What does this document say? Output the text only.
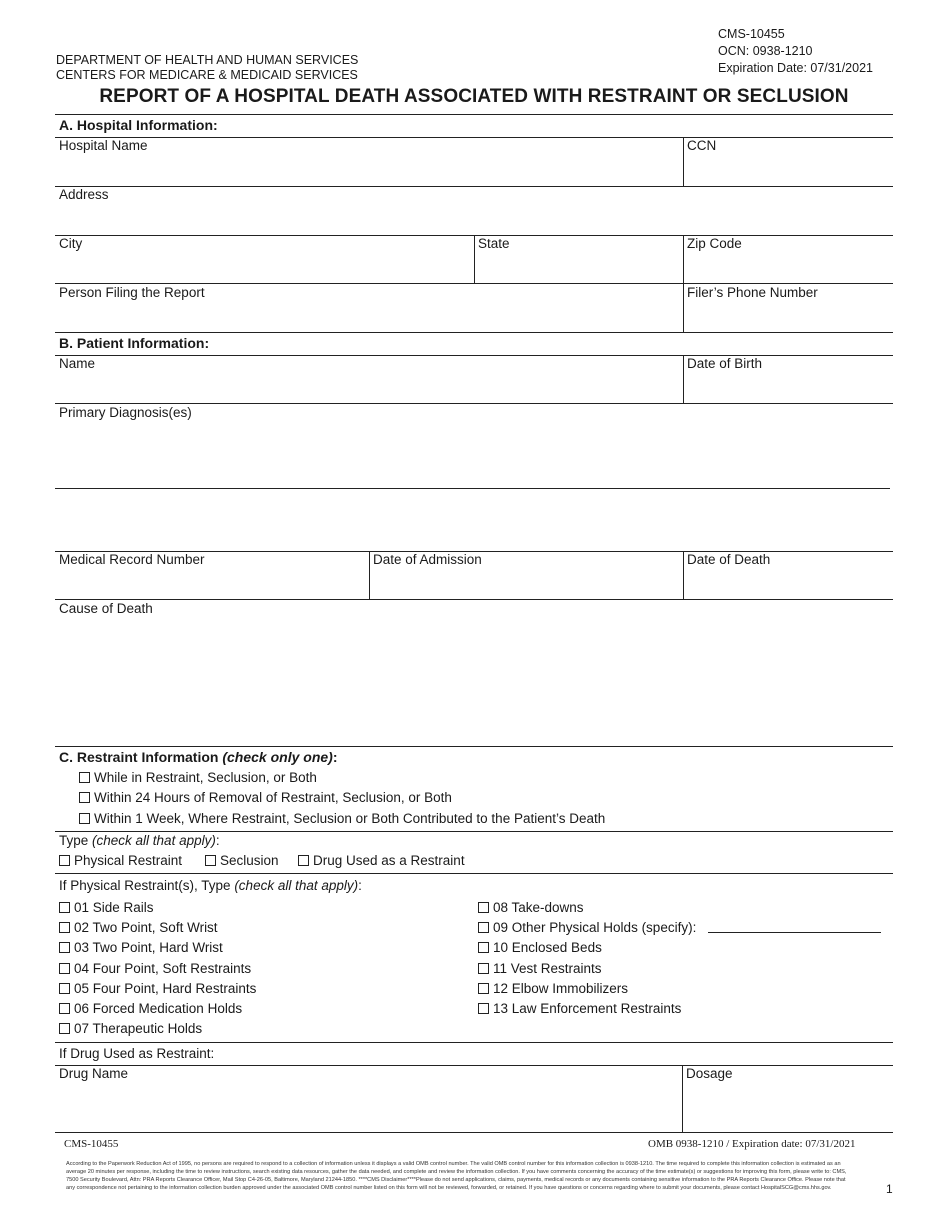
CMS-10455
OCN: 0938-1210
Expiration Date: 07/31/2021
DEPARTMENT OF HEALTH AND HUMAN SERVICES
CENTERS FOR MEDICARE & MEDICAID SERVICES
REPORT OF A HOSPITAL DEATH ASSOCIATED WITH RESTRAINT OR SECLUSION
A. Hospital Information:
Hospital Name	CCN
Address
City	State	Zip Code
Person Filing the Report	Filer’s Phone Number
B. Patient Information:
Name	Date of Birth
Primary Diagnosis(es)
Medical Record Number	Date of Admission	Date of Death
Cause of Death
C. Restraint Information (check only one):
While in Restraint, Seclusion, or Both
Within 24 Hours of Removal of Restraint, Seclusion, or Both
Within 1 Week, Where Restraint, Seclusion or Both Contributed to the Patient’s Death
Type (check all that apply):
Physical Restraint	Seclusion	Drug Used as a Restraint
If Physical Restraint(s), Type (check all that apply):
01 Side Rails
02 Two Point, Soft Wrist
03 Two Point, Hard Wrist
04 Four Point, Soft Restraints
05 Four Point, Hard Restraints
06 Forced Medication Holds
07 Therapeutic Holds
08 Take-downs
09 Other Physical Holds (specify):
10 Enclosed Beds
11 Vest Restraints
12 Elbow Immobilizers
13 Law Enforcement Restraints
If Drug Used as Restraint:
Drug Name	Dosage
CMS-10455	OMB 0938-1210 / Expiration date: 07/31/2021
According to the Paperwork Reduction Act of 1995, no persons are required to respond to a collection of information unless it displays a valid OMB control number. The valid OMB control number for this information collection is 0938-1210. The time required to complete this information collection is estimated as an average 20 minutes per response, including the time to review instructions, search existing data resources, gather the data needed, and complete and review the information collection. If you have comments concerning the accuracy of the time estimate(s) or suggestions for improving this form, please write to: CMS, 7500 Security Boulevard, Attn: PRA Reports Clearance Officer, Mail Stop C4-26-05, Baltimore, Maryland 21244-1850. ****CMS Disclaimer****Please do not send applications, claims, payments, medical records or any documents containing sensitive information to the PRA Reports Clearance Office. Please note that any correspondence not pertaining to the information collection burden approved under the associated OMB control number listed on this form will not be reviewed, forwarded, or retained. If you have questions or concerns regarding where to submit your documents, please contact HospitalSCG@cms.hhs.gov.	1
